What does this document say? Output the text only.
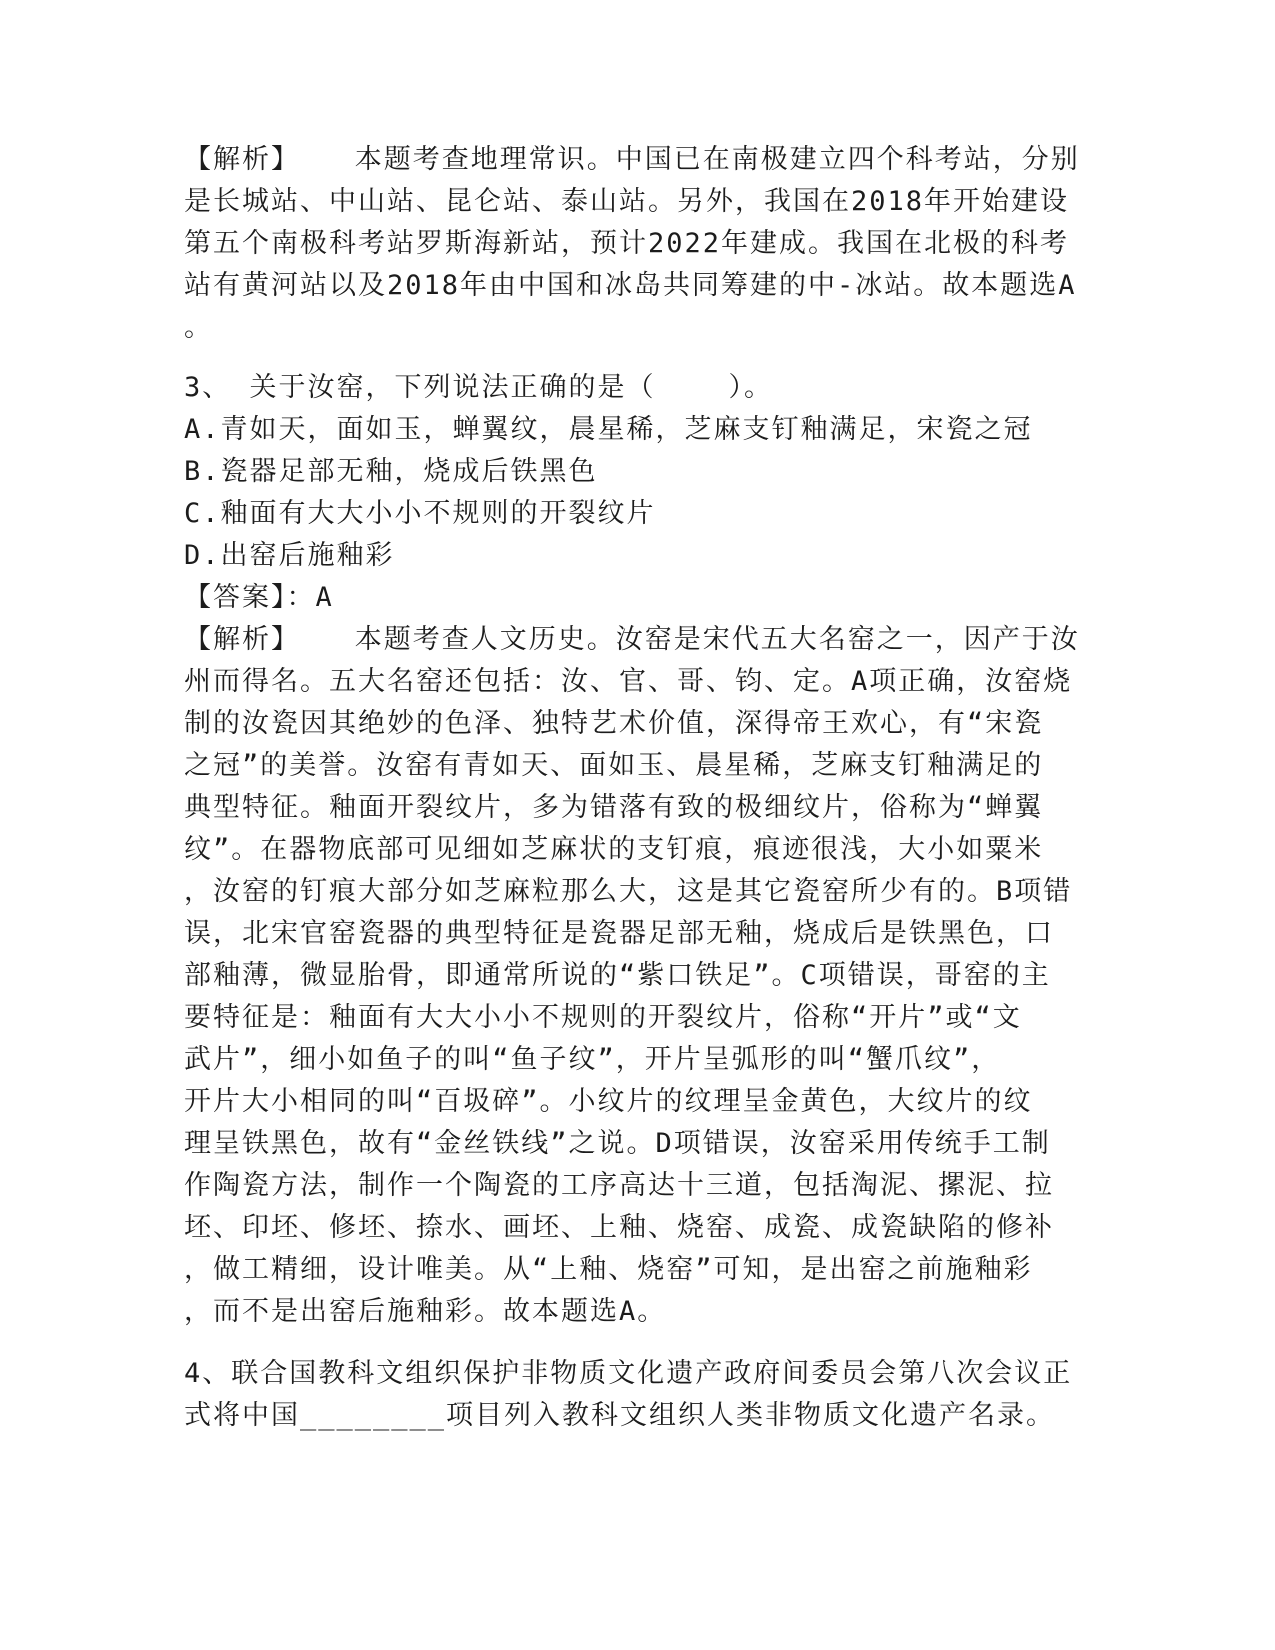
【解析】   本题考查地理常识。中国已在南极建立四个科考站，分别
是长城站、中山站、昆仑站、泰山站。另外，我国在2018年开始建设
第五个南极科考站罗斯海新站，预计2022年建成。我国在北极的科考
站有黄河站以及2018年由中国和冰岛共同筹建的中-冰站。故本题选A
。
3、 关于汝窑，下列说法正确的是（    ）。
A.青如天，面如玉，蝉翼纹，晨星稀，芝麻支钉釉满足，宋瓷之冠
B.瓷器足部无釉，烧成后铁黑色
C.釉面有大大小小不规则的开裂纹片
D.出窑后施釉彩
【答案】：A
【解析】   本题考查人文历史。汝窑是宋代五大名窑之一，因产于汝
州而得名。五大名窑还包括：汝、官、哥、钧、定。A项正确，汝窑烧
制的汝瓷因其绝妙的色泽、独特艺术价值，深得帝王欢心，有“宋瓷
之冠”的美誉。汝窑有青如天、面如玉、晨星稀，芝麻支钉釉满足的
典型特征。釉面开裂纹片，多为错落有致的极细纹片，俗称为“蝉翼
纹”。在器物底部可见细如芝麻状的支钉痕，痕迹很浅，大小如粟米
，汝窑的钉痕大部分如芝麻粒那么大，这是其它瓷窑所少有的。B项错
误，北宋官窑瓷器的典型特征是瓷器足部无釉，烧成后是铁黑色，口
部釉薄，微显胎骨，即通常所说的“紫口铁足”。C项错误，哥窑的主
要特征是：釉面有大大小小不规则的开裂纹片，俗称“开片”或“文
武片”，细小如鱼子的叫“鱼子纹”，开片呈弧形的叫“蟹爪纹”，
开片大小相同的叫“百圾碎”。小纹片的纹理呈金黄色，大纹片的纹
理呈铁黑色，故有“金丝铁线”之说。D项错误，汝窑采用传统手工制
作陶瓷方法，制作一个陶瓷的工序高达十三道，包括淘泥、摞泥、拉
坯、印坯、修坯、捺水、画坯、上釉、烧窑、成瓷、成瓷缺陷的修补
，做工精细，设计唯美。从“上釉、烧窑”可知，是出窑之前施釉彩
，而不是出窑后施釉彩。故本题选A。
4、联合国教科文组织保护非物质文化遗产政府间委员会第八次会议正
式将中国________项目列入教科文组织人类非物质文化遗产名录。
